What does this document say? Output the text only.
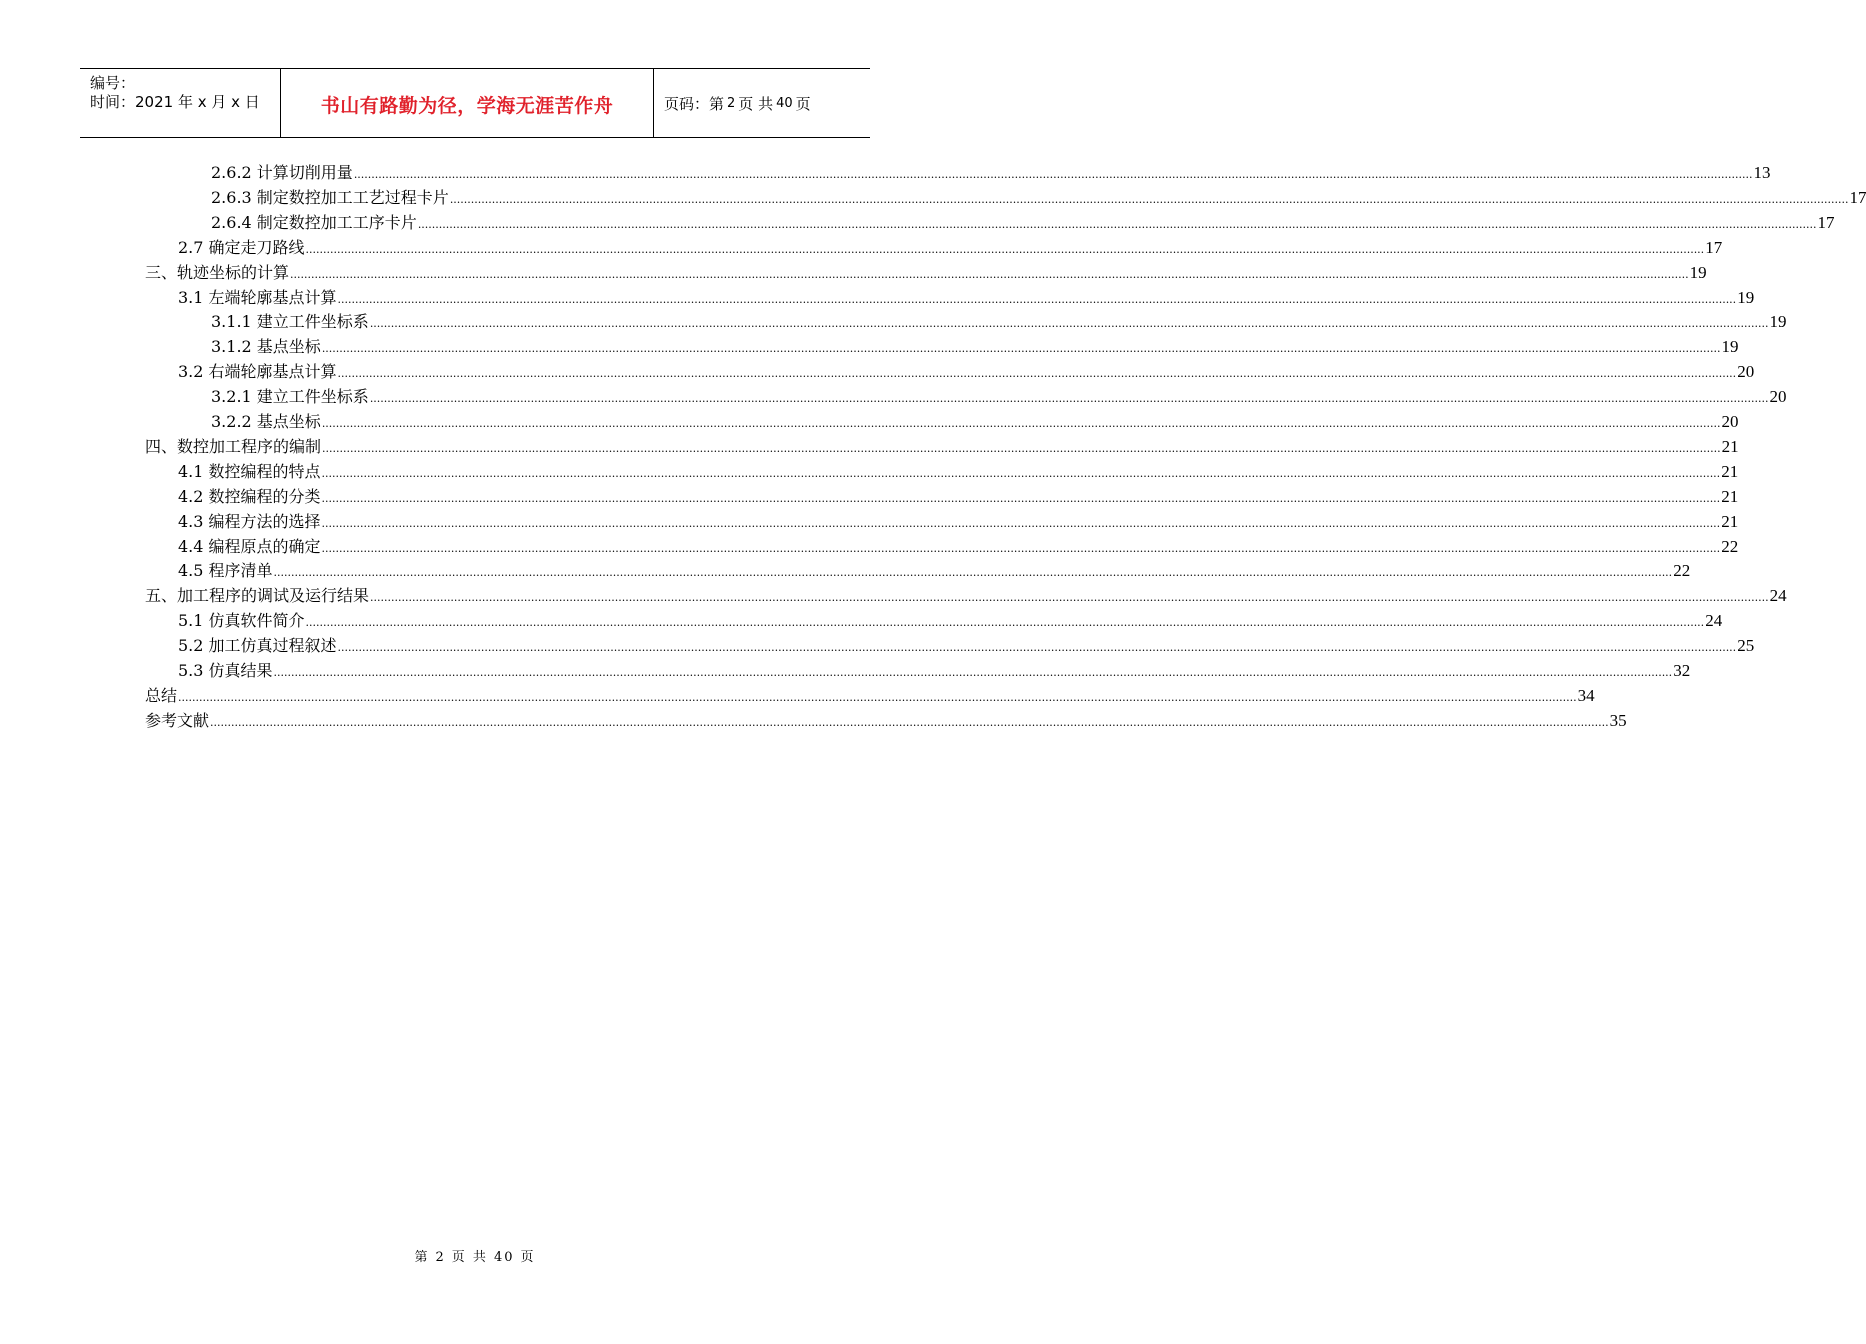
编号：
时间：2021 年 x 月 x 日	书山有路勤为径，学海无涯苦作舟	页码：第 2 页 共 40 页
2.6.2 计算切削用量 ................................................................................................................................................................................................................................................................................................................................................................................................................ 13
2.6.3 制定数控加工工艺过程卡片 ................................................................................................................................................................................................................................................................................................................................................................................................................ 17
2.6.4 制定数控加工工序卡片 ................................................................................................................................................................................................................................................................................................................................................................................................................ 17
2.7 确定走刀路线 ................................................................................................................................................................................................................................................................................................................................................................................................................ 17
三、轨迹坐标的计算 ................................................................................................................................................................................................................................................................................................................................................................................................................ 19
3.1 左端轮廓基点计算 ................................................................................................................................................................................................................................................................................................................................................................................................................ 19
3.1.1 建立工件坐标系 ................................................................................................................................................................................................................................................................................................................................................................................................................ 19
3.1.2 基点坐标 ................................................................................................................................................................................................................................................................................................................................................................................................................ 19
3.2 右端轮廓基点计算 ................................................................................................................................................................................................................................................................................................................................................................................................................ 20
3.2.1 建立工件坐标系 ................................................................................................................................................................................................................................................................................................................................................................................................................ 20
3.2.2 基点坐标 ................................................................................................................................................................................................................................................................................................................................................................................................................ 20
四、数控加工程序的编制 ................................................................................................................................................................................................................................................................................................................................................................................................................ 21
4.1 数控编程的特点 ................................................................................................................................................................................................................................................................................................................................................................................................................ 21
4.2 数控编程的分类 ................................................................................................................................................................................................................................................................................................................................................................................................................ 21
4.3 编程方法的选择 ................................................................................................................................................................................................................................................................................................................................................................................................................ 21
4.4 编程原点的确定 ................................................................................................................................................................................................................................................................................................................................................................................................................ 22
4.5 程序清单 ................................................................................................................................................................................................................................................................................................................................................................................................................ 22
五、加工程序的调试及运行结果 ................................................................................................................................................................................................................................................................................................................................................................................................................ 24
5.1 仿真软件简介 ................................................................................................................................................................................................................................................................................................................................................................................................................ 24
5.2 加工仿真过程叙述 ................................................................................................................................................................................................................................................................................................................................................................................................................ 25
5.3 仿真结果 ................................................................................................................................................................................................................................................................................................................................................................................................................ 32
总结 ................................................................................................................................................................................................................................................................................................................................................................................................................ 34
参考文献 ................................................................................................................................................................................................................................................................................................................................................................................................................ 35
第 2 页 共 40 页
